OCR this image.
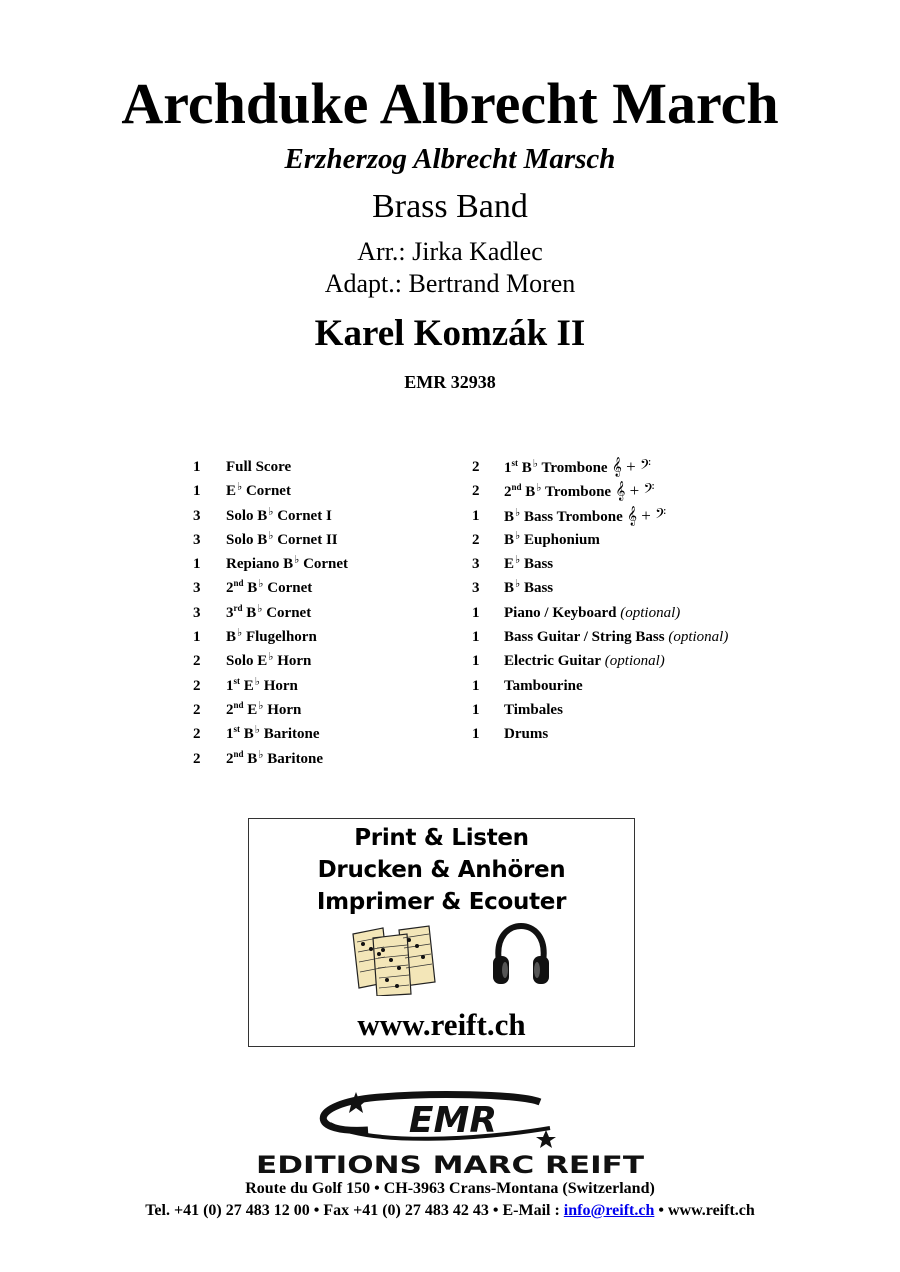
Archduke Albrecht March
Erzherzog Albrecht Marsch
Brass Band
Arr.: Jirka Kadlec
Adapt.: Bertrand Moren
Karel Komzák II
EMR 32938
1 Full Score
1 E♭ Cornet
3 Solo B♭ Cornet I
3 Solo B♭ Cornet II
1 Repiano B♭ Cornet
3 2nd B♭ Cornet
3 3rd B♭ Cornet
1 B♭ Flugelhorn
2 Solo E♭ Horn
2 1st E♭ Horn
2 2nd E♭ Horn
2 1st B♭ Baritone
2 2nd B♭ Baritone
2 1st B♭ Trombone 𝄞 + 𝄢
2 2nd B♭ Trombone 𝄞 + 𝄢
1 B♭ Bass Trombone 𝄞 + 𝄢
2 B♭ Euphonium
3 E♭ Bass
3 B♭ Bass
1 Piano / Keyboard (optional)
1 Bass Guitar / String Bass (optional)
1 Electric Guitar (optional)
1 Tambourine
1 Timbales
1 Drums
Print & Listen
Drucken & Anhören
Imprimer & Ecouter
www.reift.ch
EMR
EDITIONS MARC REIFT
Route du Golf 150 • CH-3963 Crans-Montana (Switzerland)
Tel. +41 (0) 27 483 12 00 • Fax +41 (0) 27 483 42 43 • E-Mail : info@reift.ch • www.reift.ch
